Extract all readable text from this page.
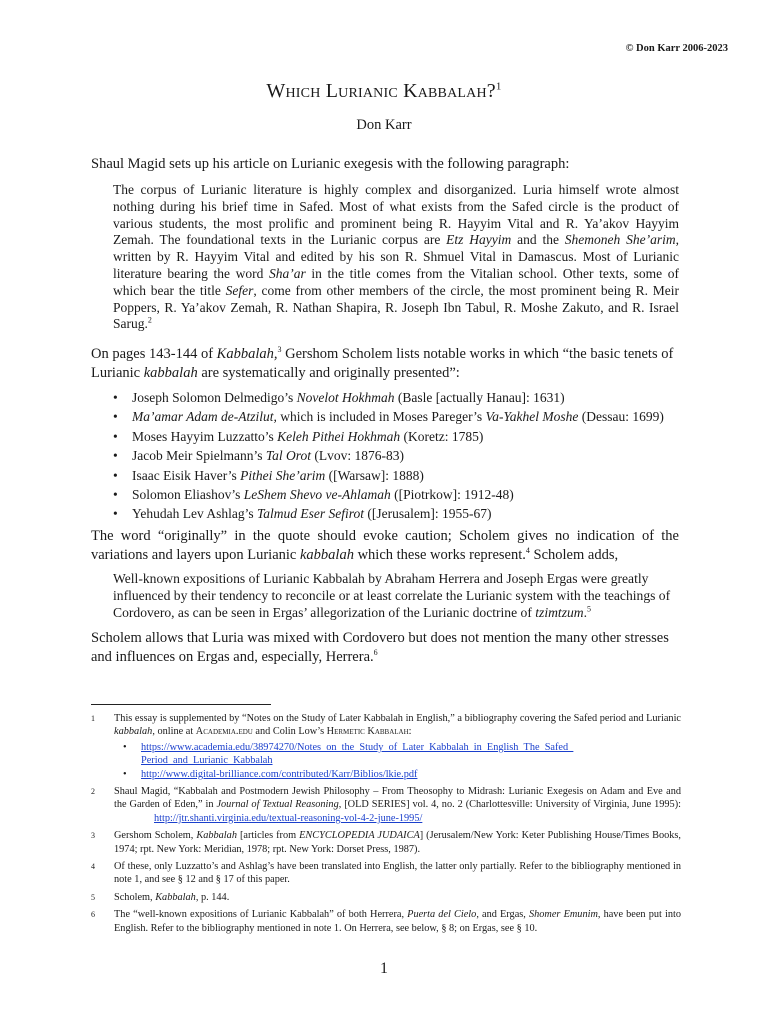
© Don Karr 2006-2023
Which Lurianic Kabbalah?$^1$
Don Karr
Shaul Magid sets up his article on Lurianic exegesis with the following paragraph:
The corpus of Lurianic literature is highly complex and disorganized. Luria himself wrote almost nothing during his brief time in Safed. Most of what exists from the Safed circle is the product of various students, the most prolific and prominent being R. Hayyim Vital and R. Ya’akov Hayyim Zemah. The foundational texts in the Lurianic corpus are Etz Hayyim and the Shemoneh She’arim, written by R. Hayyim Vital and edited by his son R. Shmuel Vital in Damascus. Most of Lurianic literature bearing the word Sha’ar in the title comes from the Vitalian school. Other texts, some of which bear the title Sefer, come from other members of the circle, the most prominent being R. Meir Poppers, R. Ya’akov Zemah, R. Nathan Shapira, R. Joseph Ibn Tabul, R. Moshe Zakuto, and R. Israel Sarug.$^2$
On pages 143-144 of Kabbalah,$^3$ Gershom Scholem lists notable works in which “the basic tenets of Lurianic kabbalah are systematically and originally presented”:
• Joseph Solomon Delmedigo’s Novelot Hokhmah (Basle [actually Hanau]: 1631)
• Ma’amar Adam de-Atzilut, which is included in Moses Pareger’s Va-Yakhel Moshe (Dessau: 1699)
• Moses Hayyim Luzzatto’s Keleh Pithei Hokhmah (Koretz: 1785)
• Jacob Meir Spielmann’s Tal Orot (Lvov: 1876-83)
• Isaac Eisik Haver’s Pithei She’arim ([Warsaw]: 1888)
• Solomon Eliashov’s LeShem Shevo ve-Ahlamah ([Piotrkow]: 1912-48)
• Yehudah Lev Ashlag’s Talmud Eser Sefirot ([Jerusalem]: 1955-67)
The word “originally” in the quote should evoke caution; Scholem gives no indication of the variations and layers upon Lurianic kabbalah which these works represent.$^4$ Scholem adds,
Well-known expositions of Lurianic Kabbalah by Abraham Herrera and Joseph Ergas were greatly influenced by their tendency to reconcile or at least correlate the Lurianic system with the teachings of Cordovero, as can be seen in Ergas’ allegorization of the Lurianic doctrine of tzimtzum.$^5$
Scholem allows that Luria was mixed with Cordovero but does not mention the many other stresses and influences on Ergas and, especially, Herrera.$^6$
1 This essay is supplemented by “Notes on the Study of Later Kabbalah in English,” a bibliography covering the Safed period and Lurianic kabbalah, online at Academia.edu and Colin Low’s Hermetic Kabbalah:
• https://www.academia.edu/38974270/Notes_on_the_Study_of_Later_Kabbalah_in_English_The_Safed_ Period_and_Lurianic_Kabbalah
• http://www.digital-brilliance.com/contributed/Karr/Biblios/lkie.pdf
2 Shaul Magid, “Kabbalah and Postmodern Jewish Philosophy – From Theosophy to Midrash: Lurianic Exegesis on Adam and Eve and the Garden of Eden,” in Journal of Textual Reasoning, [OLD SERIES] vol. 4, no. 2 (Charlottesville: University of Virginia, June 1995): http://jtr.shanti.virginia.edu/textual-reasoning-vol-4-2-june-1995/
3 Gershom Scholem, Kabbalah [articles from ENCYCLOPEDIA JUDAICA] (Jerusalem/New York: Keter Publishing House/Times Books, 1974; rpt. New York: Meridian, 1978; rpt. New York: Dorset Press, 1987).
4 Of these, only Luzzatto’s and Ashlag’s have been translated into English, the latter only partially. Refer to the bibliography mentioned in note 1, and see § 12 and § 17 of this paper.
5 Scholem, Kabbalah, p. 144.
6 The “well-known expositions of Lurianic Kabbalah” of both Herrera, Puerta del Cielo, and Ergas, Shomer Emunim, have been put into English. Refer to the bibliography mentioned in note 1. On Herrera, see below, § 8; on Ergas, see § 10.
1
